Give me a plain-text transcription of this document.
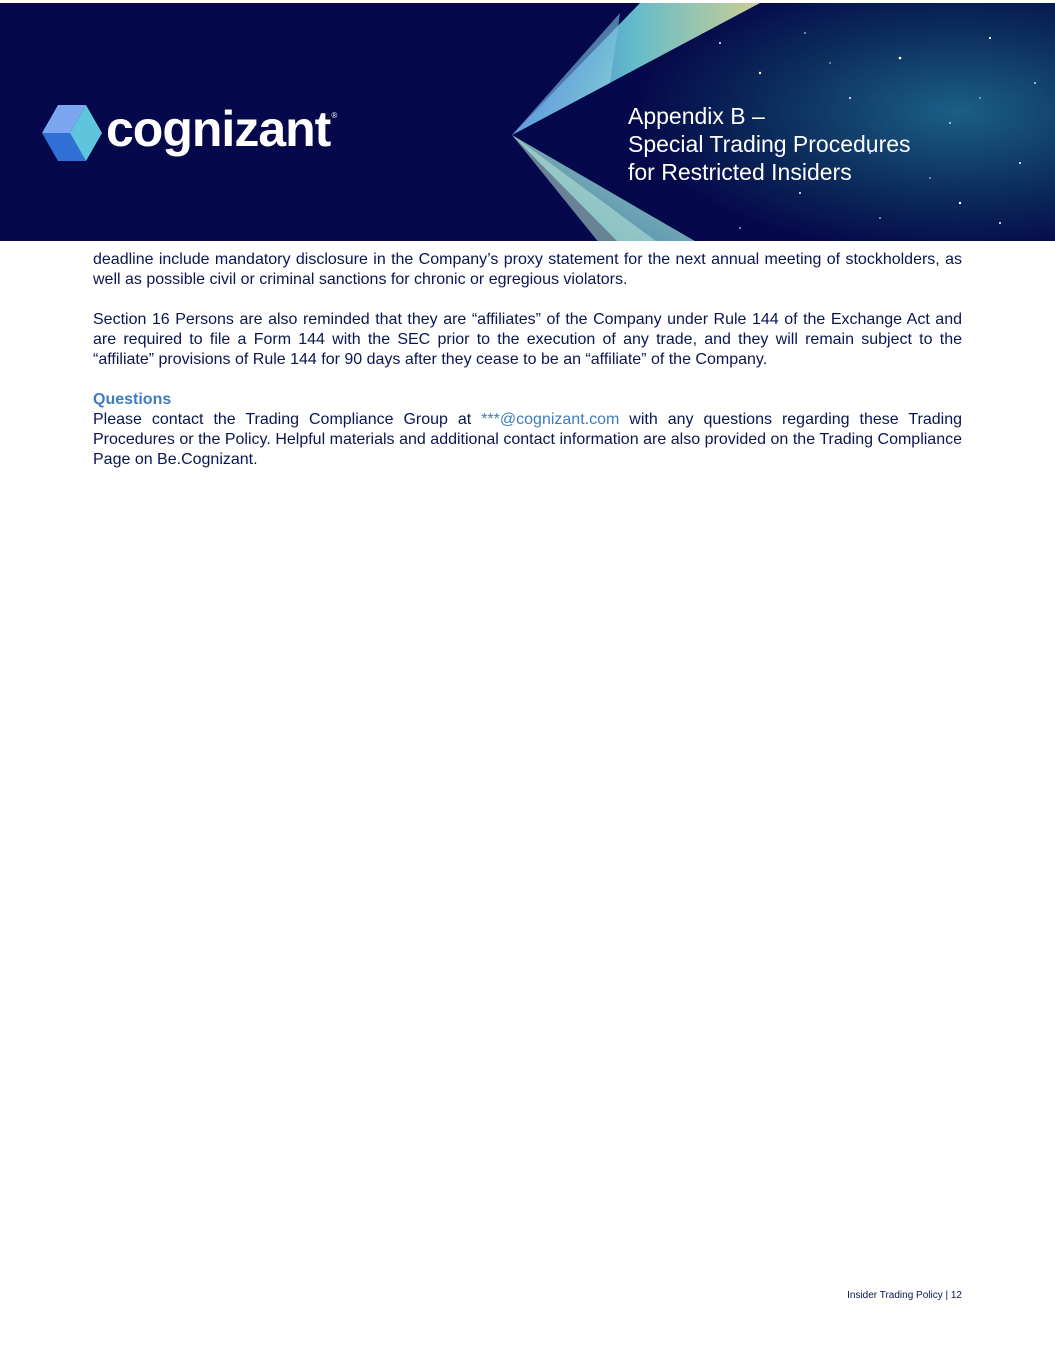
cognizant ®	Appendix B –
Special Trading Procedures
for Restricted Insiders

deadline include mandatory disclosure in the Company’s proxy statement for the next annual meeting of stockholders, as well as possible civil or criminal sanctions for chronic or egregious violators.

Section 16 Persons are also reminded that they are “affiliates” of the Company under Rule 144 of the Exchange Act and are required to file a Form 144 with the SEC prior to the execution of any trade, and they will remain subject to the “affiliate” provisions of Rule 144 for 90 days after they cease to be an “affiliate” of the Company.

Questions

Please contact the Trading Compliance Group at ***@cognizant.com with any questions regarding these Trading Procedures or the Policy. Helpful materials and additional contact information are also provided on the Trading Compliance Page on Be.Cognizant.

Insider Trading Policy | 12
